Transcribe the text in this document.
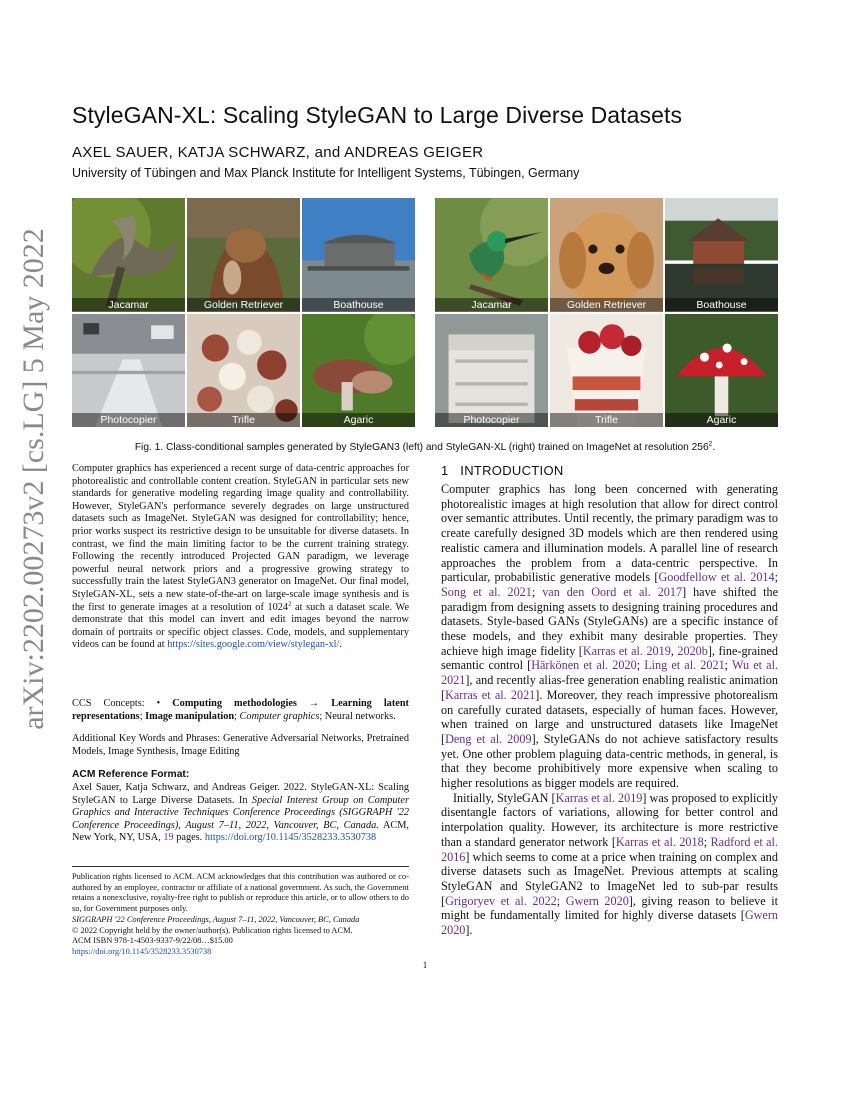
arXiv:2202.00273v2 [cs.LG] 5 May 2022
StyleGAN-XL: Scaling StyleGAN to Large Diverse Datasets
AXEL SAUER, KATJA SCHWARZ, and ANDREAS GEIGER
University of Tübingen and Max Planck Institute for Intelligent Systems, Tübingen, Germany
Jacamar	Golden Retriever	Boathouse
Photocopier	Trifle	Agaric
Jacamar	Golden Retriever	Boathouse
Photocopier	Trifle	Agaric
Fig. 1. Class-conditional samples generated by StyleGAN3 (left) and StyleGAN-XL (right) trained on ImageNet at resolution $256^2$.
Computer graphics has experienced a recent surge of data-centric approaches for photorealistic and controllable content creation. StyleGAN in particular sets new standards for generative modeling regarding image quality and controllability. However, StyleGAN's performance severely degrades on large unstructured datasets such as ImageNet. StyleGAN was designed for controllability; hence, prior works suspect its restrictive design to be unsuitable for diverse datasets. In contrast, we find the main limiting factor to be the current training strategy. Following the recently introduced Projected GAN paradigm, we leverage powerful neural network priors and a progressive growing strategy to successfully train the latest StyleGAN3 generator on ImageNet. Our final model, StyleGAN-XL, sets a new state-of-the-art on large-scale image synthesis and is the first to generate images at a resolution of 1024$^2$ at such a dataset scale. We demonstrate that this model can invert and edit images beyond the narrow domain of portraits or specific object classes. Code, models, and supplementary videos can be found at https://sites.google.com/view/stylegan-xl/.
CCS Concepts: • Computing methodologies → Learning latent representations; Image manipulation; Computer graphics; Neural networks.
Additional Key Words and Phrases: Generative Adversarial Networks, Pretrained Models, Image Synthesis, Image Editing
ACM Reference Format:
Axel Sauer, Katja Schwarz, and Andreas Geiger. 2022. StyleGAN-XL: Scaling StyleGAN to Large Diverse Datasets. In Special Interest Group on Computer Graphics and Interactive Techniques Conference Proceedings (SIGGRAPH '22 Conference Proceedings), August 7–11, 2022, Vancouver, BC, Canada. ACM, New York, NY, USA, 19 pages. https://doi.org/10.1145/3528233.3530738
Publication rights licensed to ACM. ACM acknowledges that this contribution was authored or co-authored by an employee, contractor or affiliate of a national government. As such, the Government retains a nonexclusive, royalty-free right to publish or reproduce this article, or to allow others to do so, for Government purposes only.
SIGGRAPH '22 Conference Proceedings, August 7–11, 2022, Vancouver, BC, Canada
© 2022 Copyright held by the owner/author(s). Publication rights licensed to ACM.
ACM ISBN 978-1-4503-9337-9/22/08…$15.00
https://doi.org/10.1145/3528233.3530738
1 INTRODUCTION

Computer graphics has long been concerned with generating photorealistic images at high resolution that allow for direct control over semantic attributes. Until recently, the primary paradigm was to create carefully designed 3D models which are then rendered using realistic camera and illumination models. A parallel line of research approaches the problem from a data-centric perspective. In particular, probabilistic generative models [Goodfellow et al. 2014; Song et al. 2021; van den Oord et al. 2017] have shifted the paradigm from designing assets to designing training procedures and datasets. Style-based GANs (StyleGANs) are a specific instance of these models, and they exhibit many desirable properties. They achieve high image fidelity [Karras et al. 2019, 2020b], fine-grained semantic control [Härkönen et al. 2020; Ling et al. 2021; Wu et al. 2021], and recently alias-free generation enabling realistic animation [Karras et al. 2021]. Moreover, they reach impressive photorealism on carefully curated datasets, especially of human faces. However, when trained on large and unstructured datasets like ImageNet [Deng et al. 2009], StyleGANs do not achieve satisfactory results yet. One other problem plaguing data-centric methods, in general, is that they become prohibitively more expensive when scaling to higher resolutions as bigger models are required.

Initially, StyleGAN [Karras et al. 2019] was proposed to explicitly disentangle factors of variations, allowing for better control and interpolation quality. However, its architecture is more restrictive than a standard generator network [Karras et al. 2018; Radford et al. 2016] which seems to come at a price when training on complex and diverse datasets such as ImageNet. Previous attempts at scaling StyleGAN and StyleGAN2 to ImageNet led to sub-par results [Grigoryev et al. 2022; Gwern 2020], giving reason to believe it might be fundamentally limited for highly diverse datasets [Gwern 2020].

1
